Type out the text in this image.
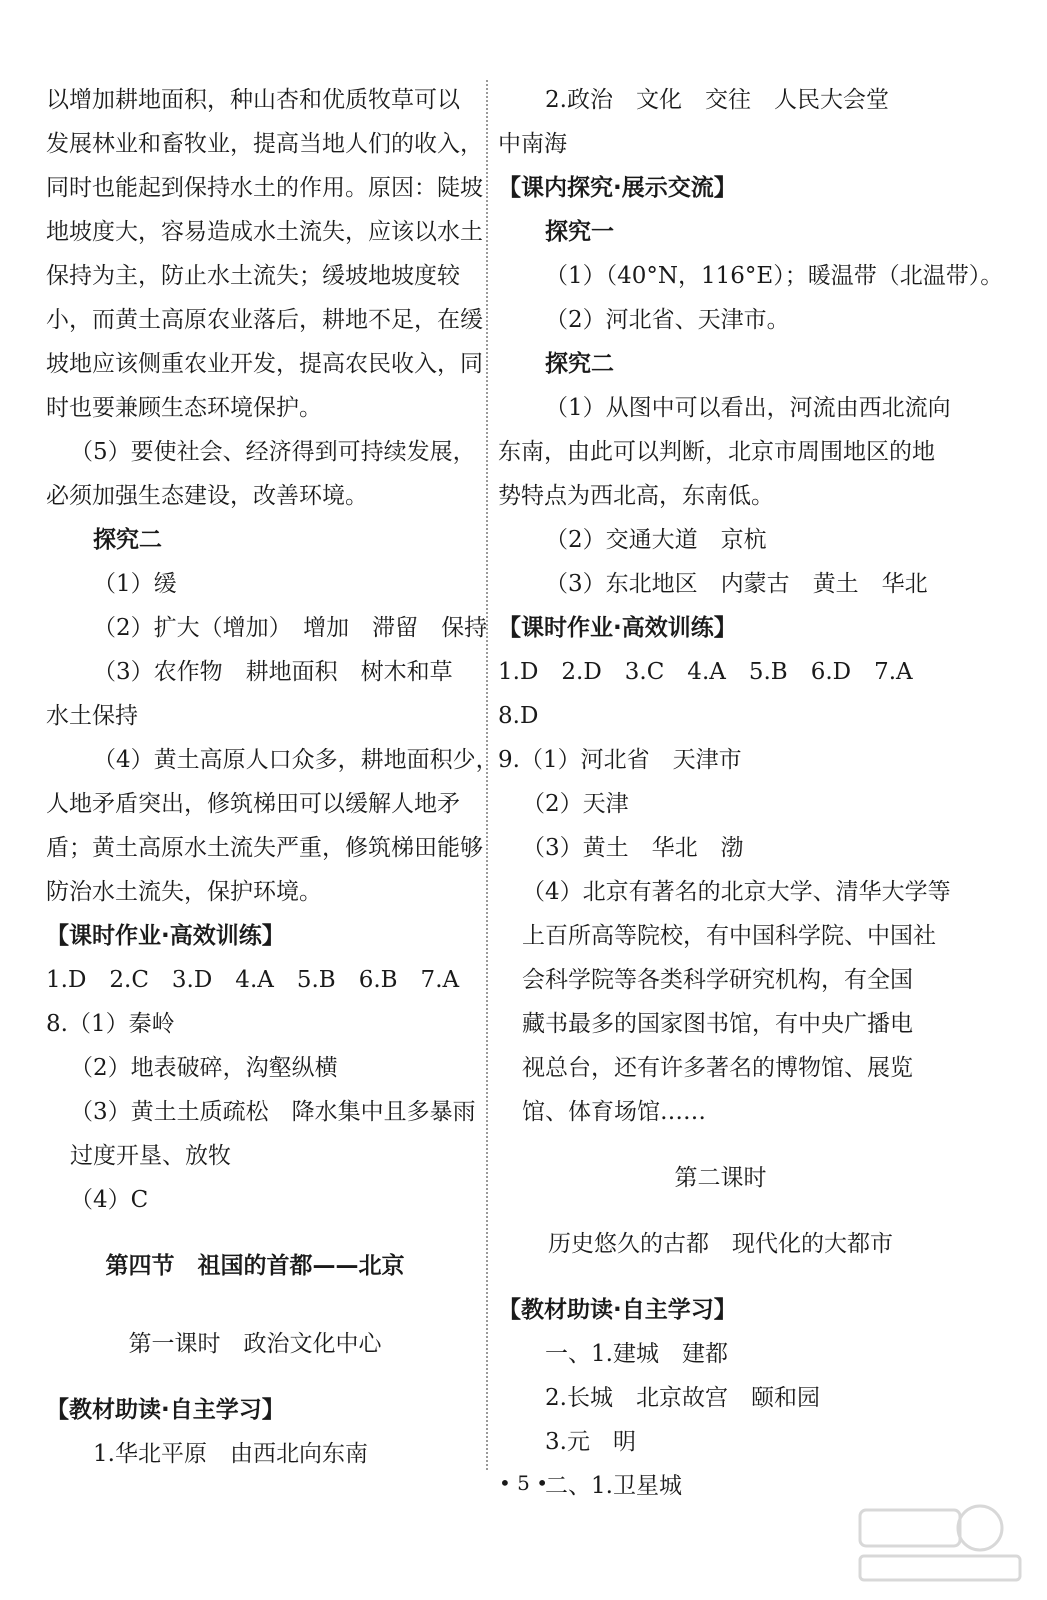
以增加耕地面积，种山杏和优质牧草可以
发展林业和畜牧业，提高当地人们的收入，
同时也能起到保持水土的作用。原因：陡坡
地坡度大，容易造成水土流失，应该以水土
保持为主，防止水土流失；缓坡地坡度较
小，而黄土高原农业落后，耕地不足，在缓
坡地应该侧重农业开发，提高农民收入，同
时也要兼顾生态环境保护。
（5）要使社会、经济得到可持续发展，
必须加强生态建设，改善环境。
探究二
（1）缓
（2）扩大（增加）　增加　滞留　保持
（3）农作物　耕地面积　树木和草
水土保持
（4）黄土高原人口众多，耕地面积少，
人地矛盾突出，修筑梯田可以缓解人地矛
盾；黄土高原水土流失严重，修筑梯田能够
防治水土流失，保护环境。
【课时作业·高效训练】
1.D　2.C　3.D　4.A　5.B　6.B　7.A
8.（1）秦岭
（2）地表破碎，沟壑纵横
（3）黄土土质疏松　降水集中且多暴雨
过度开垦、放牧
（4）C
第四节　祖国的首都——北京
第一课时　政治文化中心
【教材助读·自主学习】
1.华北平原　由西北向东南
2.政治　文化　交往　人民大会堂
中南海
【课内探究·展示交流】
探究一
（1）（40°N，116°E）；暖温带（北温带）。
（2）河北省、天津市。
探究二
（1）从图中可以看出，河流由西北流向
东南，由此可以判断，北京市周围地区的地
势特点为西北高，东南低。
（2）交通大道　京杭
（3）东北地区　内蒙古　黄土　华北
【课时作业·高效训练】
1.D　2.D　3.C　4.A　5.B　6.D　7.A
8.D
9.（1）河北省　天津市
（2）天津
（3）黄土　华北　渤
（4）北京有著名的北京大学、清华大学等
上百所高等院校，有中国科学院、中国社
会科学院等各类科学研究机构，有全国
藏书最多的国家图书馆，有中央广播电
视总台，还有许多著名的博物馆、展览
馆、体育场馆……
第二课时
历史悠久的古都　现代化的大都市
【教材助读·自主学习】
一、1.建城　建都
2.长城　北京故宫　颐和园
3.元　明
二、1.卫星城
• 5 •
